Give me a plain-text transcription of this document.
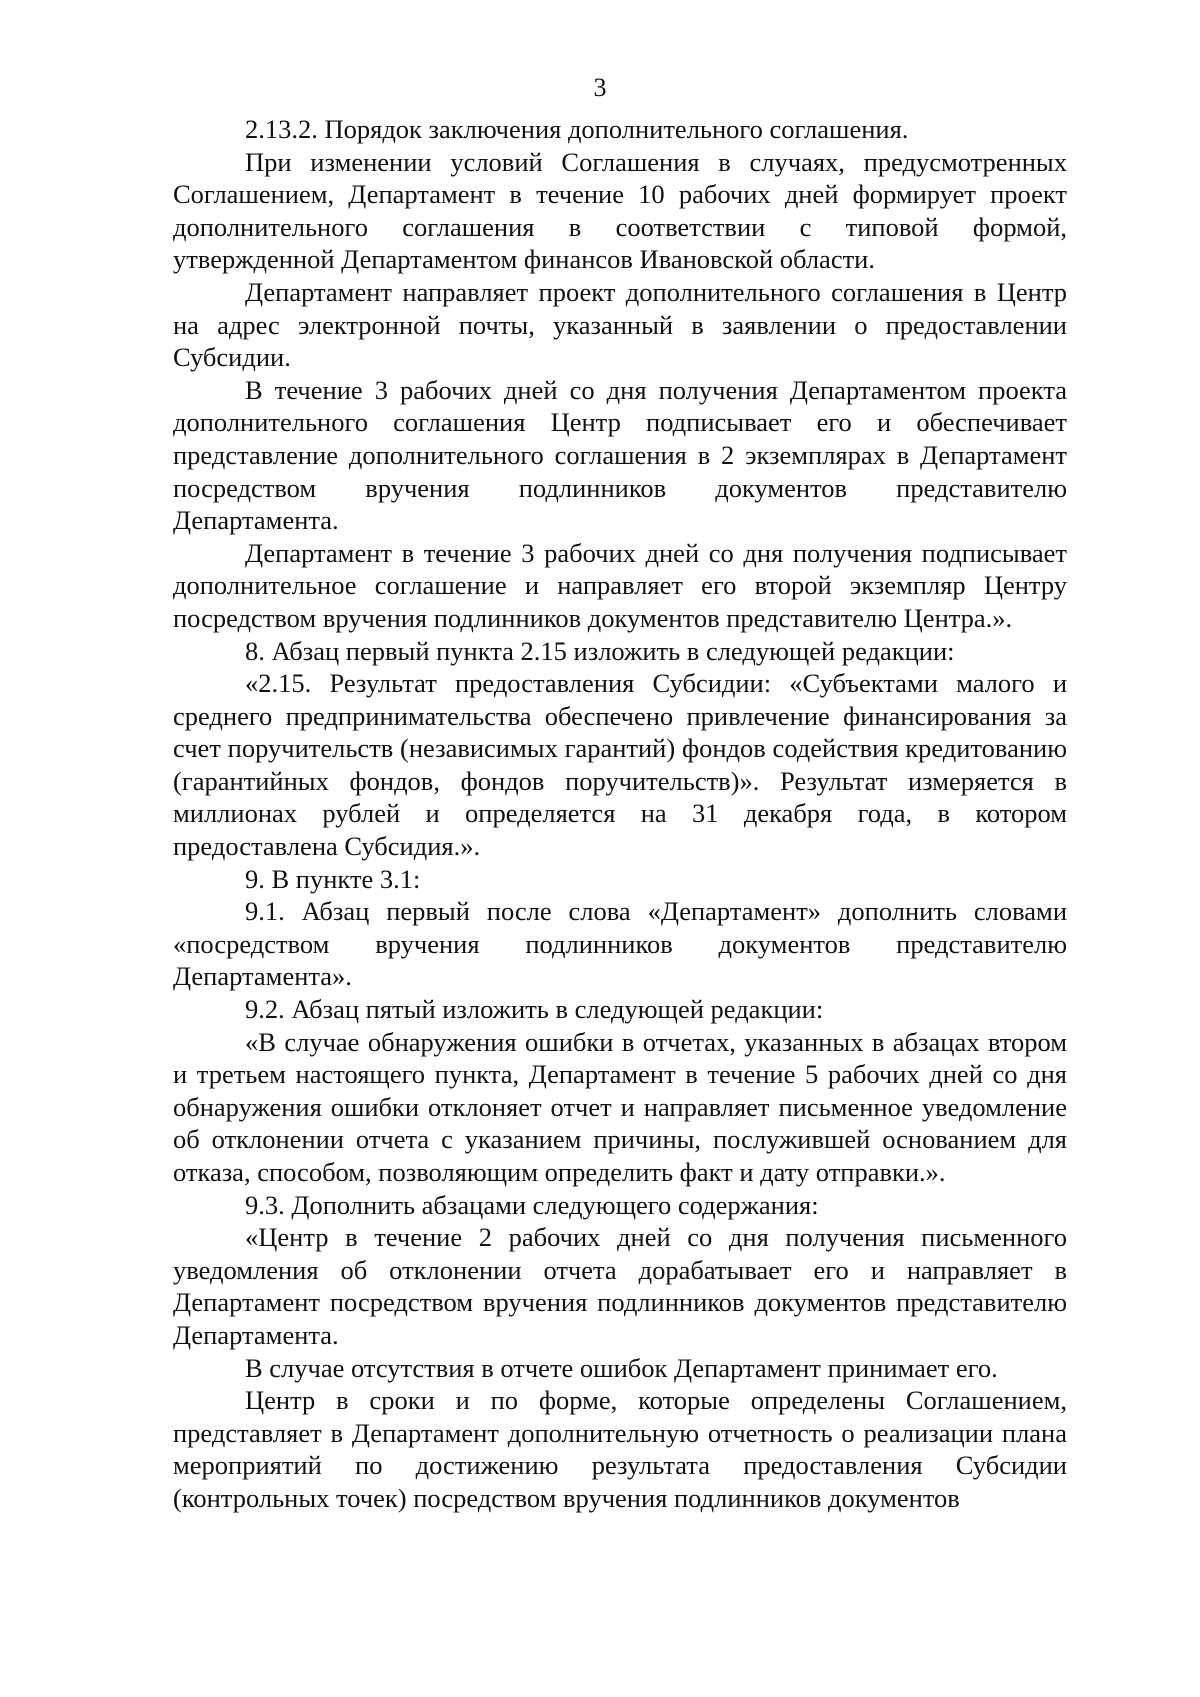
3

2.13.2. Порядок заключения дополнительного соглашения.

При изменении условий Соглашения в случаях, предусмотренных Соглашением, Департамент в течение 10 рабочих дней формирует проект дополнительного соглашения в соответствии с типовой формой, утвержденной Департаментом финансов Ивановской области.

Департамент направляет проект дополнительного соглашения в Центр на адрес электронной почты, указанный в заявлении о предоставлении Субсидии.

В течение 3 рабочих дней со дня получения Департаментом проекта дополнительного соглашения Центр подписывает его и обеспечивает представление дополнительного соглашения в 2 экземплярах в Департамент посредством вручения подлинников документов представителю Департамента.

Департамент в течение 3 рабочих дней со дня получения подписывает дополнительное соглашение и направляет его второй экземпляр Центру посредством вручения подлинников документов представителю Центра.».

8. Абзац первый пункта 2.15 изложить в следующей редакции:

«2.15. Результат предоставления Субсидии: «Субъектами малого и среднего предпринимательства обеспечено привлечение финансирования за счет поручительств (независимых гарантий) фондов содействия кредитованию (гарантийных фондов, фондов поручительств)». Результат измеряется в миллионах рублей и определяется на 31 декабря года, в котором предоставлена Субсидия.».

9. В пункте 3.1:

9.1. Абзац первый после слова «Департамент» дополнить словами «посредством вручения подлинников документов представителю Департамента».

9.2. Абзац пятый изложить в следующей редакции:

«В случае обнаружения ошибки в отчетах, указанных в абзацах втором и третьем настоящего пункта, Департамент в течение 5 рабочих дней со дня обнаружения ошибки отклоняет отчет и направляет письменное уведомление об отклонении отчета с указанием причины, послужившей основанием для отказа, способом, позволяющим определить факт и дату отправки.».

9.3. Дополнить абзацами следующего содержания:

«Центр в течение 2 рабочих дней со дня получения письменного уведомления об отклонении отчета дорабатывает его и направляет в Департамент посредством вручения подлинников документов представителю Департамента.

В случае отсутствия в отчете ошибок Департамент принимает его.

Центр в сроки и по форме, которые определены Соглашением, представляет в Департамент дополнительную отчетность о реализации плана мероприятий по достижению результата предоставления Субсидии (контрольных точек) посредством вручения подлинников документов
